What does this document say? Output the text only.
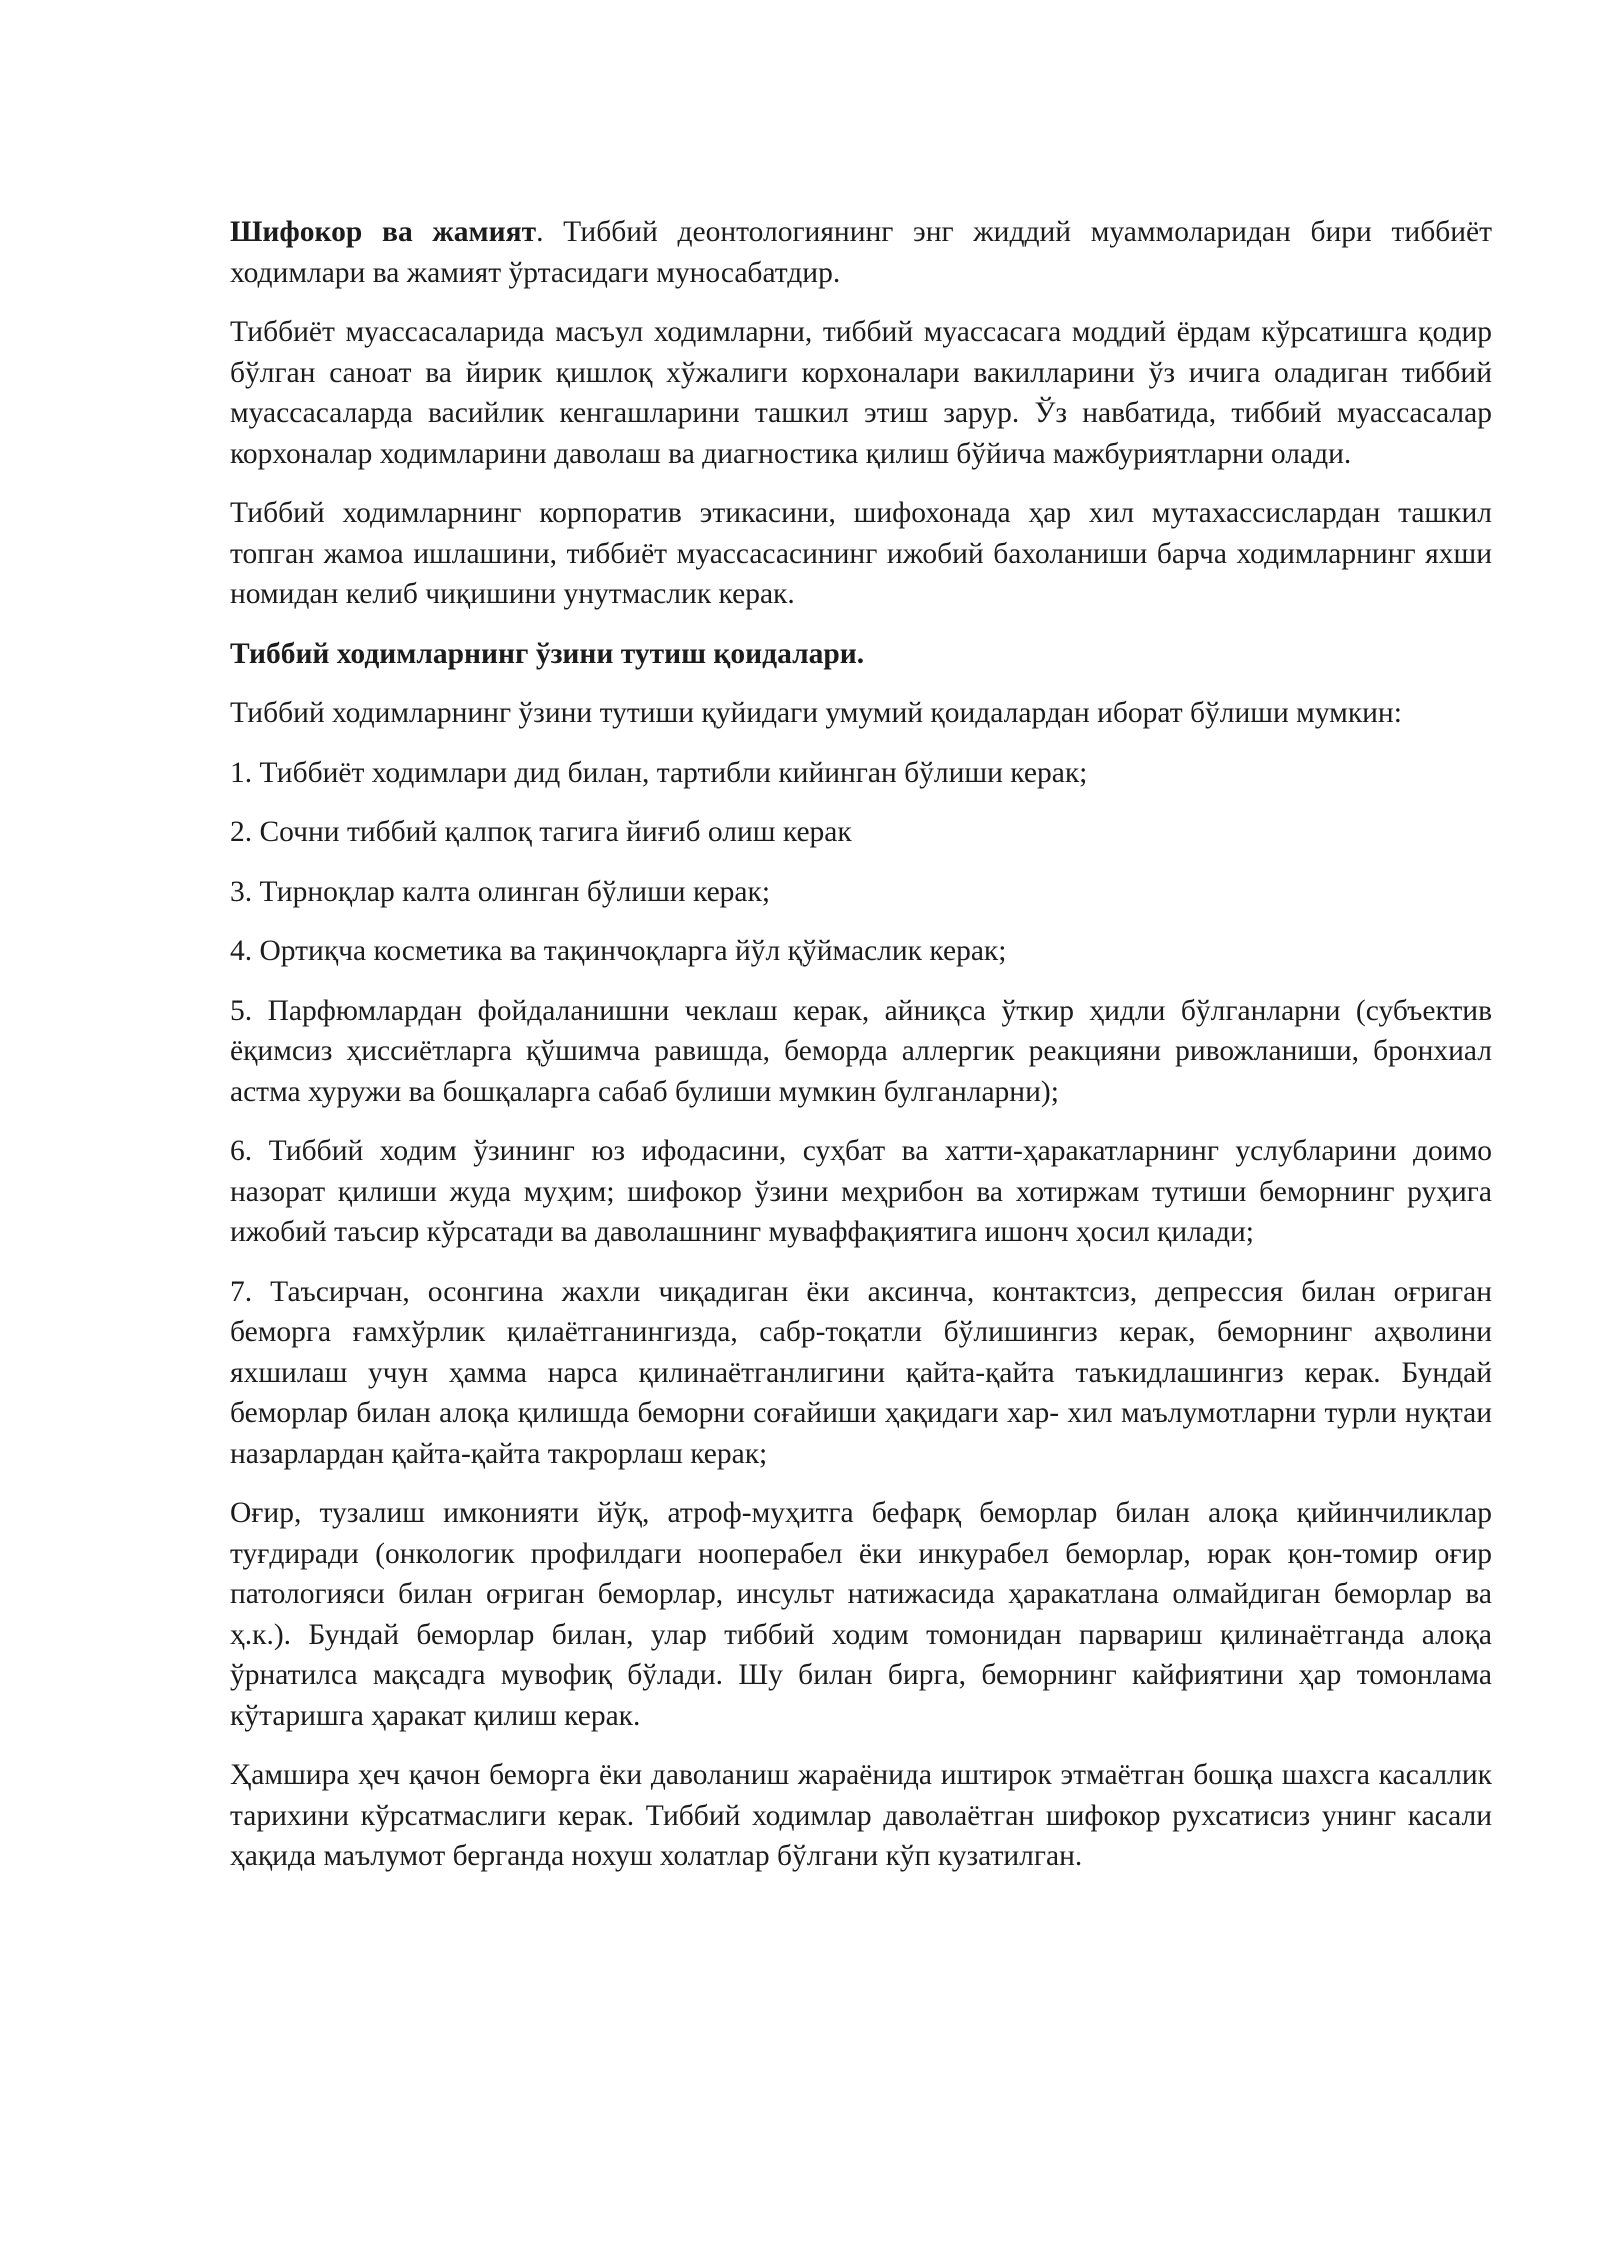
Шифокор ва жамият. Тиббий деонтологиянинг энг жиддий муаммоларидан бири тиббиёт ходимлари ва жамият ўртасидаги муносабатдир.

Тиббиёт муассасаларида масъул ходимларни, тиббий муассасага моддий ёрдам кўрсатишга қодир бўлган саноат ва йирик қишлоқ хўжалиги корхоналари вакилларини ўз ичига оладиган тиббий муассасаларда васийлик кенгашларини ташкил этиш зарур. Ўз навбатида, тиббий муассасалар корхоналар ходимларини даволаш ва диагностика қилиш бўйича мажбуриятларни олади.

Тиббий ходимларнинг корпоратив этикасини, шифохонада ҳар хил мутахассислардан ташкил топган жамоа ишлашини, тиббиёт муассасасининг ижобий бахоланиши барча ходимларнинг яхши номидан келиб чиқишини унутмаслик керак.

Тиббий ходимларнинг ўзини тутиш қоидалари.

Тиббий ходимларнинг ўзини тутиши қуйидаги умумий қоидалардан иборат бўлиши мумкин:

1. Тиббиёт ходимлари дид билан, тартибли кийинган бўлиши керак;

2. Сочни тиббий қалпоқ тагига йиғиб олиш керак

3. Тирноқлар калта олинган бўлиши керак;

4. Ортиқча косметика ва тақинчоқларга йўл қўймаслик керак;

5. Парфюмлардан фойдаланишни чеклаш керак, айниқса ўткир ҳидли бўлганларни (субъектив ёқимсиз ҳиссиётларга қўшимча равишда, беморда аллергик реакцияни ривожланиши, бронхиал астма хуружи ва бошқаларга сабаб булиши мумкин булганларни);

6. Тиббий ходим ўзининг юз ифодасини, суҳбат ва хатти-ҳаракатларнинг услубларини доимо назорат қилиши жуда муҳим; шифокор ўзини меҳрибон ва хотиржам тутиши беморнинг руҳига ижобий таъсир кўрсатади ва даволашнинг муваффақиятига ишонч ҳосил қилади;

7. Таъсирчан, осонгина жахли чиқадиган ёки аксинча, контактсиз, депрессия билан оғриган беморга ғамхўрлик қилаётганингизда, сабр-тоқатли бўлишингиз керак, беморнинг аҳволини яхшилаш учун ҳамма нарса қилинаётганлигини қайта-қайта таъкидлашингиз керак. Бундай беморлар билан алоқа қилишда беморни соғайиши ҳақидаги хар- хил маълумотларни турли нуқтаи назарлардан қайта-қайта такрорлаш керак;

Оғир, тузалиш имконияти йўқ, атроф-муҳитга бефарқ беморлар билан алоқа қийинчиликлар туғдиради (онкологик профилдаги ноoперабел ёки инкурабел беморлар, юрак қон-томир оғир патологияси билан оғриган беморлар, инсульт натижасида ҳаракатлана олмайдиган беморлар ва ҳ.к.). Бундай беморлар билан, улар тиббий ходим томонидан парвариш қилинаётганда алоқа ўрнатилса мақсадга мувофиқ бўлади. Шу билан бирга, беморнинг кайфиятини ҳар томонлама кўтаришга ҳаракат қилиш керак.

Ҳамшира ҳеч қачон беморга ёки даволаниш жараёнида иштирок этмаётган бошқа шахсга касаллик тарихини кўрсатмаслиги керак. Тиббий ходимлар даволаётган шифокор рухсатисиз унинг касали ҳақида маълумот берганда нохуш холатлар бўлгани кўп кузатилган.
